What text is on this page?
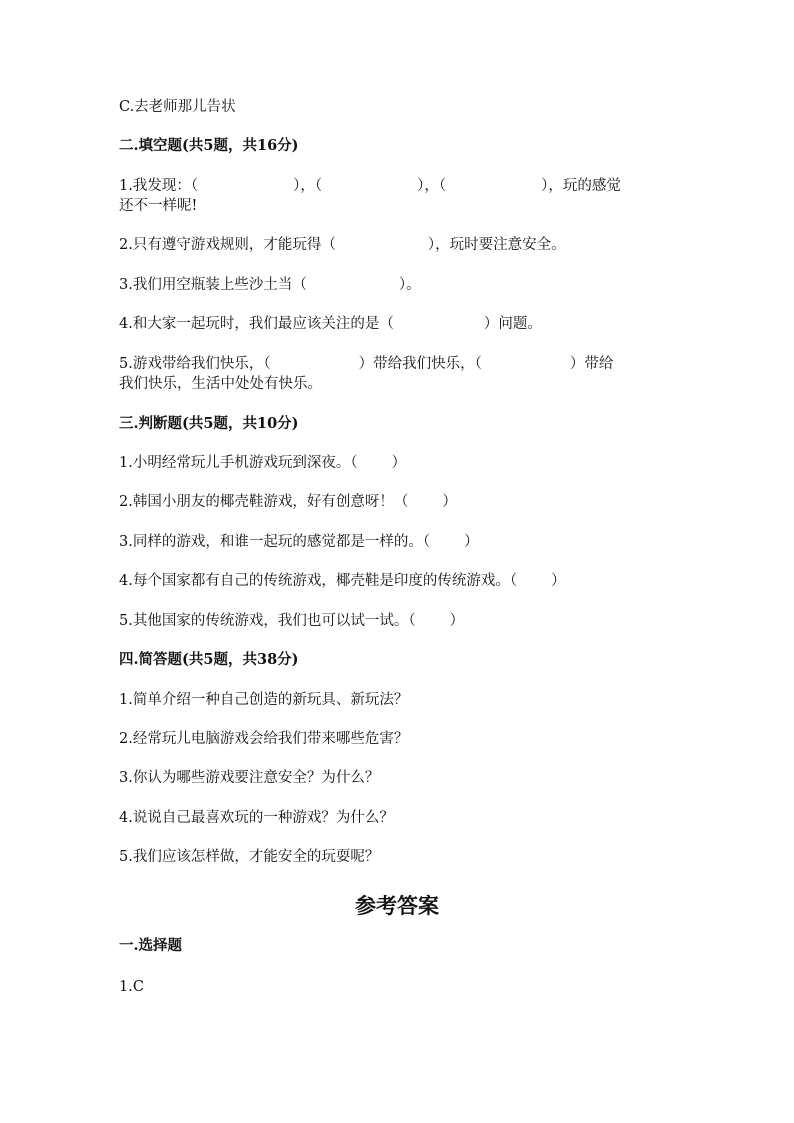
C.去老师那儿告状
二.填空题(共5题，共16分)
1.我发现：（	），（	），（	），玩的感觉
还不一样呢!
2.只有遵守游戏规则，才能玩得（	），玩时要注意安全。
3.我们用空瓶装上些沙土当（	）。
4.和大家一起玩时，我们最应该关注的是（	）问题。
5.游戏带给我们快乐，（	）带给我们快乐，（	）带给
我们快乐，生活中处处有快乐。
三.判断题(共5题，共10分)
1.小明经常玩儿手机游戏玩到深夜。（ ）
2.韩国小朋友的椰壳鞋游戏，好有创意呀！（ ）
3.同样的游戏，和谁一起玩的感觉都是一样的。（ ）
4.每个国家都有自己的传统游戏，椰壳鞋是印度的传统游戏。（ ）
5.其他国家的传统游戏，我们也可以试一试。（ ）
四.简答题(共5题，共38分)
1.简单介绍一种自己创造的新玩具、新玩法？
2.经常玩儿电脑游戏会给我们带来哪些危害？
3.你认为哪些游戏要注意安全？为什么？
4.说说自己最喜欢玩的一种游戏？为什么？
5.我们应该怎样做，才能安全的玩耍呢？
参考答案
一.选择题
1.C
